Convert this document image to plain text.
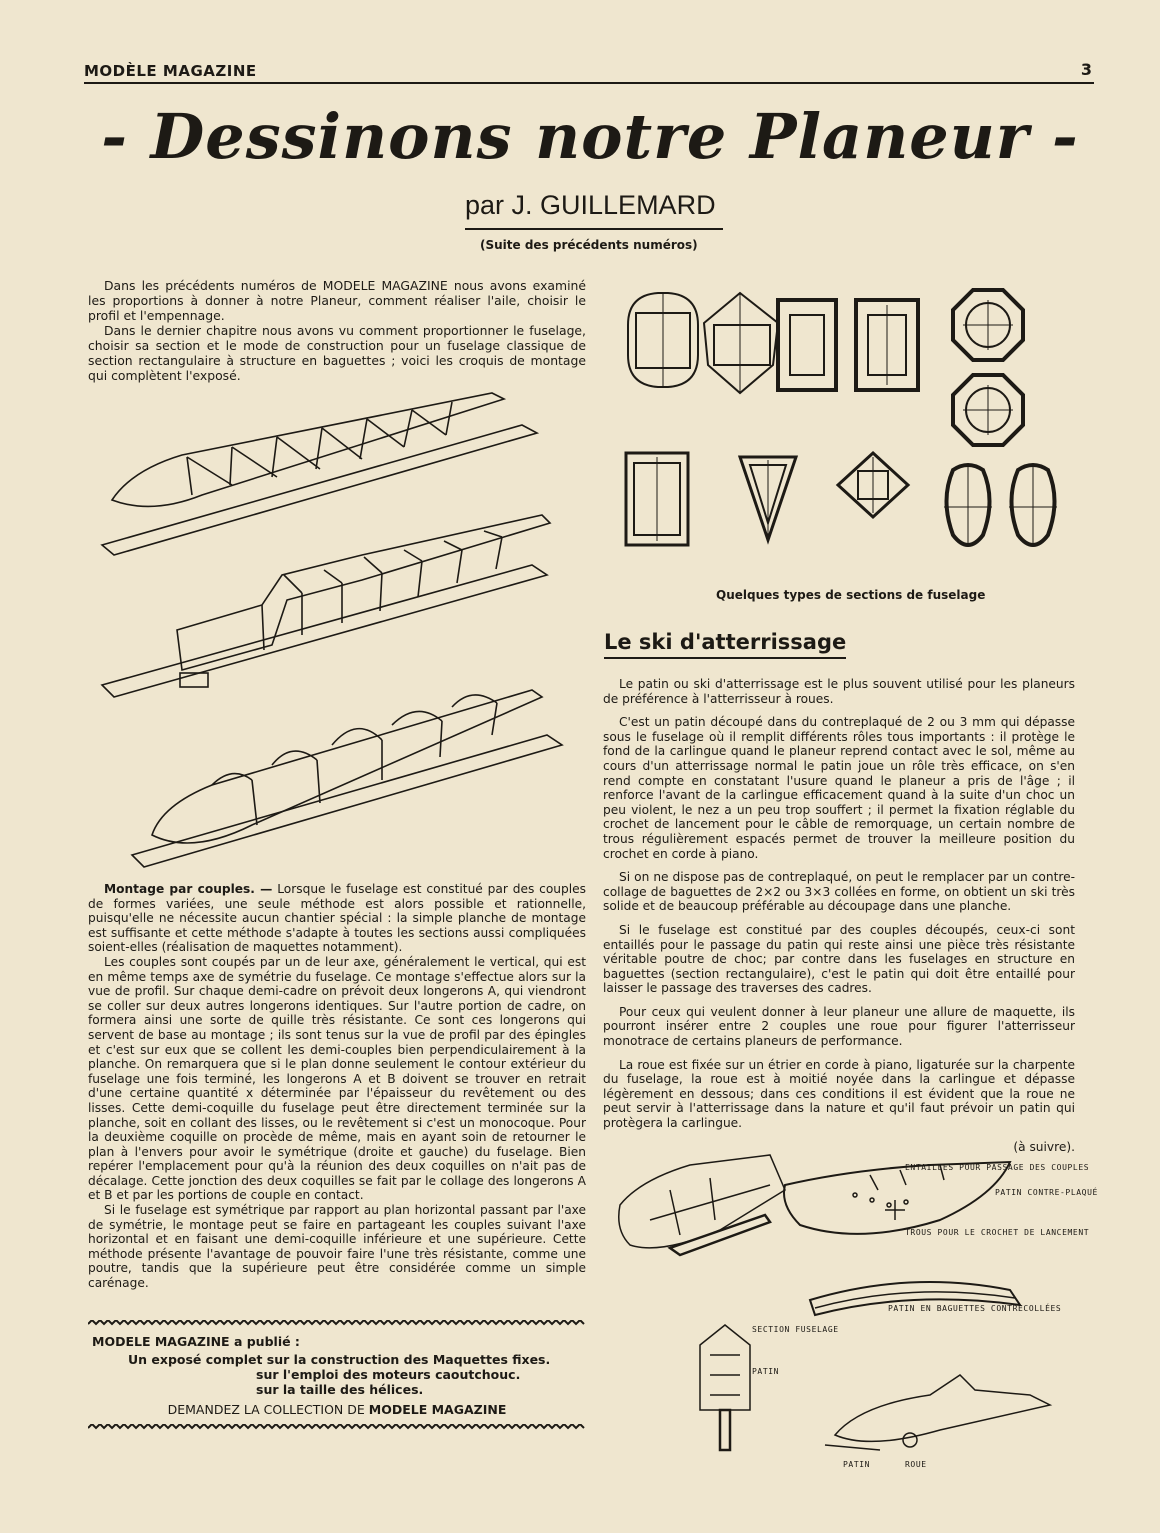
MODÈLE MAGAZINE	3
- Dessinons notre Planeur -
par J. GUILLEMARD
(Suite des précédents numéros)

Dans les précédents numéros de MODELE MAGAZINE nous avons examiné les proportions à donner à notre Planeur, comment réaliser l'aile, choisir le profil et l'empennage.

Dans le dernier chapitre nous avons vu comment proportionner le fuselage, choisir sa section et le mode de construction pour un fuselage classique de section rectangulaire à structure en baguettes ; voici les croquis de montage qui complètent l'exposé.

Quelques types de sections de fuselage
Le ski d'atterrissage

Le patin ou ski d'atterrissage est le plus souvent utilisé pour les planeurs de préférence à l'atterrisseur à roues.

C'est un patin découpé dans du contreplaqué de 2 ou 3 mm qui dépasse sous le fuselage où il remplit différents rôles tous importants : il protège le fond de la carlingue quand le planeur reprend contact avec le sol, même au cours d'un atterrissage normal le patin joue un rôle très efficace, on s'en rend compte en constatant l'usure quand le planeur a pris de l'âge ; il renforce l'avant de la carlingue efficacement quand à la suite d'un choc un peu violent, le nez a un peu trop souffert ; il permet la fixation réglable du crochet de lancement pour le câble de remorquage, un certain nombre de trous régulièrement espacés permet de trouver la meilleure position du crochet en corde à piano.

Si on ne dispose pas de contreplaqué, on peut le remplacer par un contre-collage de baguettes de 2×2 ou 3×3 collées en forme, on obtient un ski très solide et de beaucoup préférable au découpage dans une planche.

Si le fuselage est constitué par des couples découpés, ceux-ci sont entaillés pour le passage du patin qui reste ainsi une pièce très résistante véritable poutre de choc; par contre dans les fuselages en structure en baguettes (section rectangulaire), c'est le patin qui doit être entaillé pour laisser le passage des traverses des cadres.

Pour ceux qui veulent donner à leur planeur une allure de maquette, ils pourront insérer entre 2 couples une roue pour figurer l'atterrisseur monotrace de certains planeurs de performance.

La roue est fixée sur un étrier en corde à piano, ligaturée sur la charpente du fuselage, la roue est à moitié noyée dans la carlingue et dépasse légèrement en dessous; dans ces conditions il est évident que la roue ne peut servir à l'atterrissage dans la nature et qu'il faut prévoir un patin qui protègera la carlingue.

(à suivre).

Montage par couples. — Lorsque le fuselage est constitué par des couples de formes variées, une seule méthode est alors possible et rationnelle, puisqu'elle ne nécessite aucun chantier spécial : la simple planche de montage est suffisante et cette méthode s'adapte à toutes les sections aussi compliquées soient-elles (réalisation de maquettes notamment).

Les couples sont coupés par un de leur axe, généralement le vertical, qui est en même temps axe de symétrie du fuselage. Ce montage s'effectue alors sur la vue de profil. Sur chaque demi-cadre on prévoit deux longerons A, qui viendront se coller sur deux autres longerons identiques. Sur l'autre portion de cadre, on formera ainsi une sorte de quille très résistante. Ce sont ces longerons qui servent de base au montage ; ils sont tenus sur la vue de profil par des épingles et c'est sur eux que se collent les demi-couples bien perpendiculairement à la planche. On remarquera que si le plan donne seulement le contour extérieur du fuselage une fois terminé, les longerons A et B doivent se trouver en retrait d'une certaine quantité x déterminée par l'épaisseur du revêtement ou des lisses. Cette demi-coquille du fuselage peut être directement terminée sur la planche, soit en collant des lisses, ou le revêtement si c'est un monocoque. Pour la deuxième coquille on procède de même, mais en ayant soin de retourner le plan à l'envers pour avoir le symétrique (droite et gauche) du fuselage. Bien repérer l'emplacement pour qu'à la réunion des deux coquilles on n'ait pas de décalage. Cette jonction des deux coquilles se fait par le collage des longerons A et B et par les portions de couple en contact.

Si le fuselage est symétrique par rapport au plan horizontal passant par l'axe de symétrie, le montage peut se faire en partageant les couples suivant l'axe horizontal et en faisant une demi-coquille inférieure et une supérieure. Cette méthode présente l'avantage de pouvoir faire l'une très résistante, comme une poutre, tandis que la supérieure peut être considérée comme un simple carénage.

MODELE MAGAZINE a publié :
Un exposé complet sur la construction des Maquettes fixes.
sur l'emploi des moteurs caoutchouc.
sur la taille des hélices.
DEMANDEZ LA COLLECTION DE MODELE MAGAZINE
ENTAILLES POUR PASSAGE DES COUPLES
PATIN CONTRE-PLAQUÉ
TROUS POUR LE CROCHET DE LANCEMENT
PATIN EN BAGUETTES CONTRECOLLÉES
SECTION FUSELAGE
PATIN
PATIN	ROUE
